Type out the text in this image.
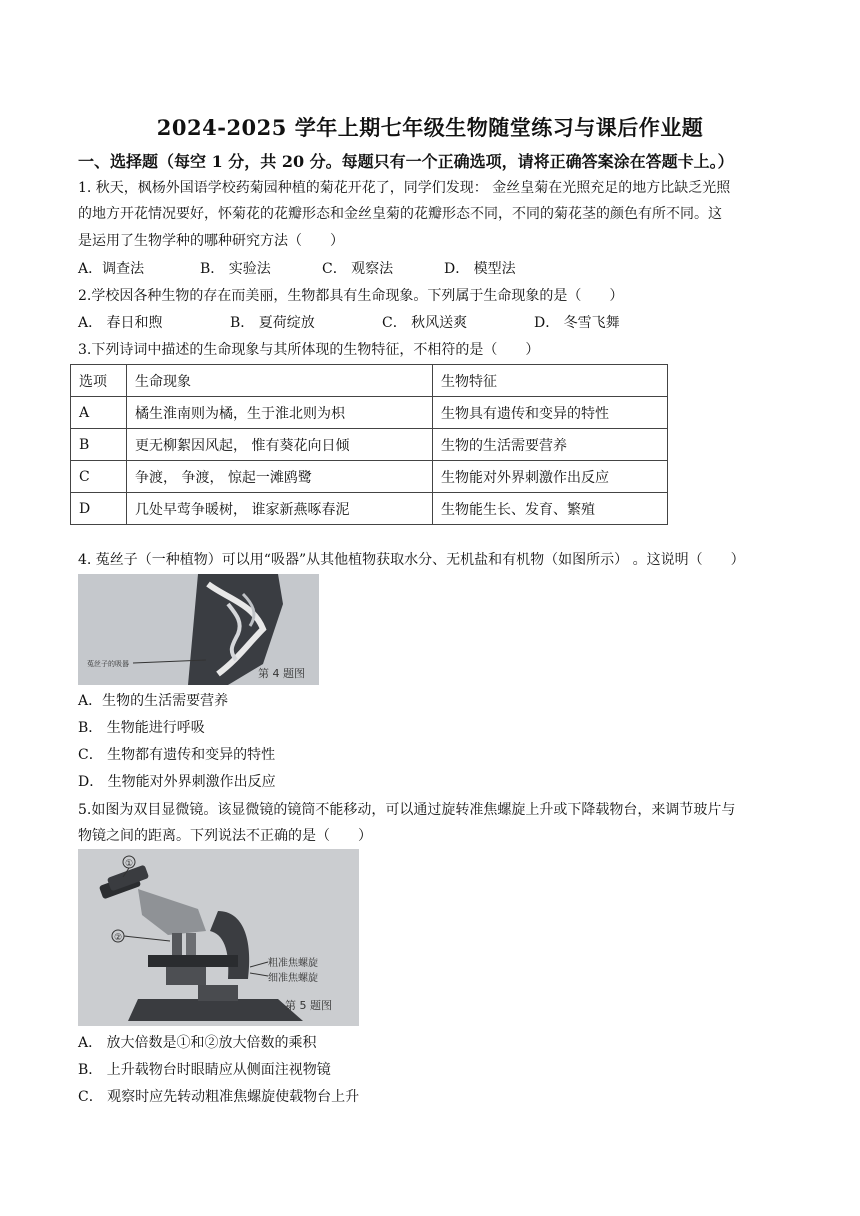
2024-2025 学年上期七年级生物随堂练习与课后作业题
一、选择题（每空 1 分，共 20 分。每题只有一个正确选项，请将正确答案涂在答题卡上。）
1. 秋天，枫杨外国语学校药菊园种植的菊花开花了，同学们发现： 金丝皇菊在光照充足的地方比缺乏光照
的地方开花情况要好，怀菊花的花瓣形态和金丝皇菊的花瓣形态不同，不同的菊花茎的颜色有所不同。这
是运用了生物学种的哪种研究方法（　　）
A．调查法	B． 实验法	C． 观察法	D． 模型法
2.学校因各种生物的存在而美丽，生物都具有生命现象。下列属于生命现象的是（　　）
A． 春日和煦	B． 夏荷绽放	C． 秋风送爽	D． 冬雪飞舞
3.下列诗词中描述的生命现象与其所体现的生物特征，不相符的是（　　）
选项	生命现象	生物特征
A	橘生淮南则为橘，生于淮北则为枳	生物具有遗传和变异的特性
B	更无柳絮因风起， 惟有葵花向日倾	生物的生活需要营养
C	争渡， 争渡， 惊起一滩鸥鹭	生物能对外界刺激作出反应
D	几处早莺争暖树， 谁家新燕啄春泥	生物能生长、发育、繁殖
4. 菟丝子（一种植物）可以用“吸器”从其他植物获取水分、无机盐和有机物（如图所示） 。这说明（　　）
菟丝子的吸器
第 4 题图
A．生物的生活需要营养
B． 生物能进行呼吸
C． 生物都有遗传和变异的特性
D． 生物能对外界刺激作出反应
5.如图为双目显微镜。该显微镜的镜筒不能移动，可以通过旋转准焦螺旋上升或下降载物台，来调节玻片与
物镜之间的距离。下列说法不正确的是（　　）
①
②
粗准焦螺旋
细准焦螺旋
第 5 题图
A． 放大倍数是①和②放大倍数的乘积
B． 上升载物台时眼睛应从侧面注视物镜
C． 观察时应先转动粗准焦螺旋使载物台上升
